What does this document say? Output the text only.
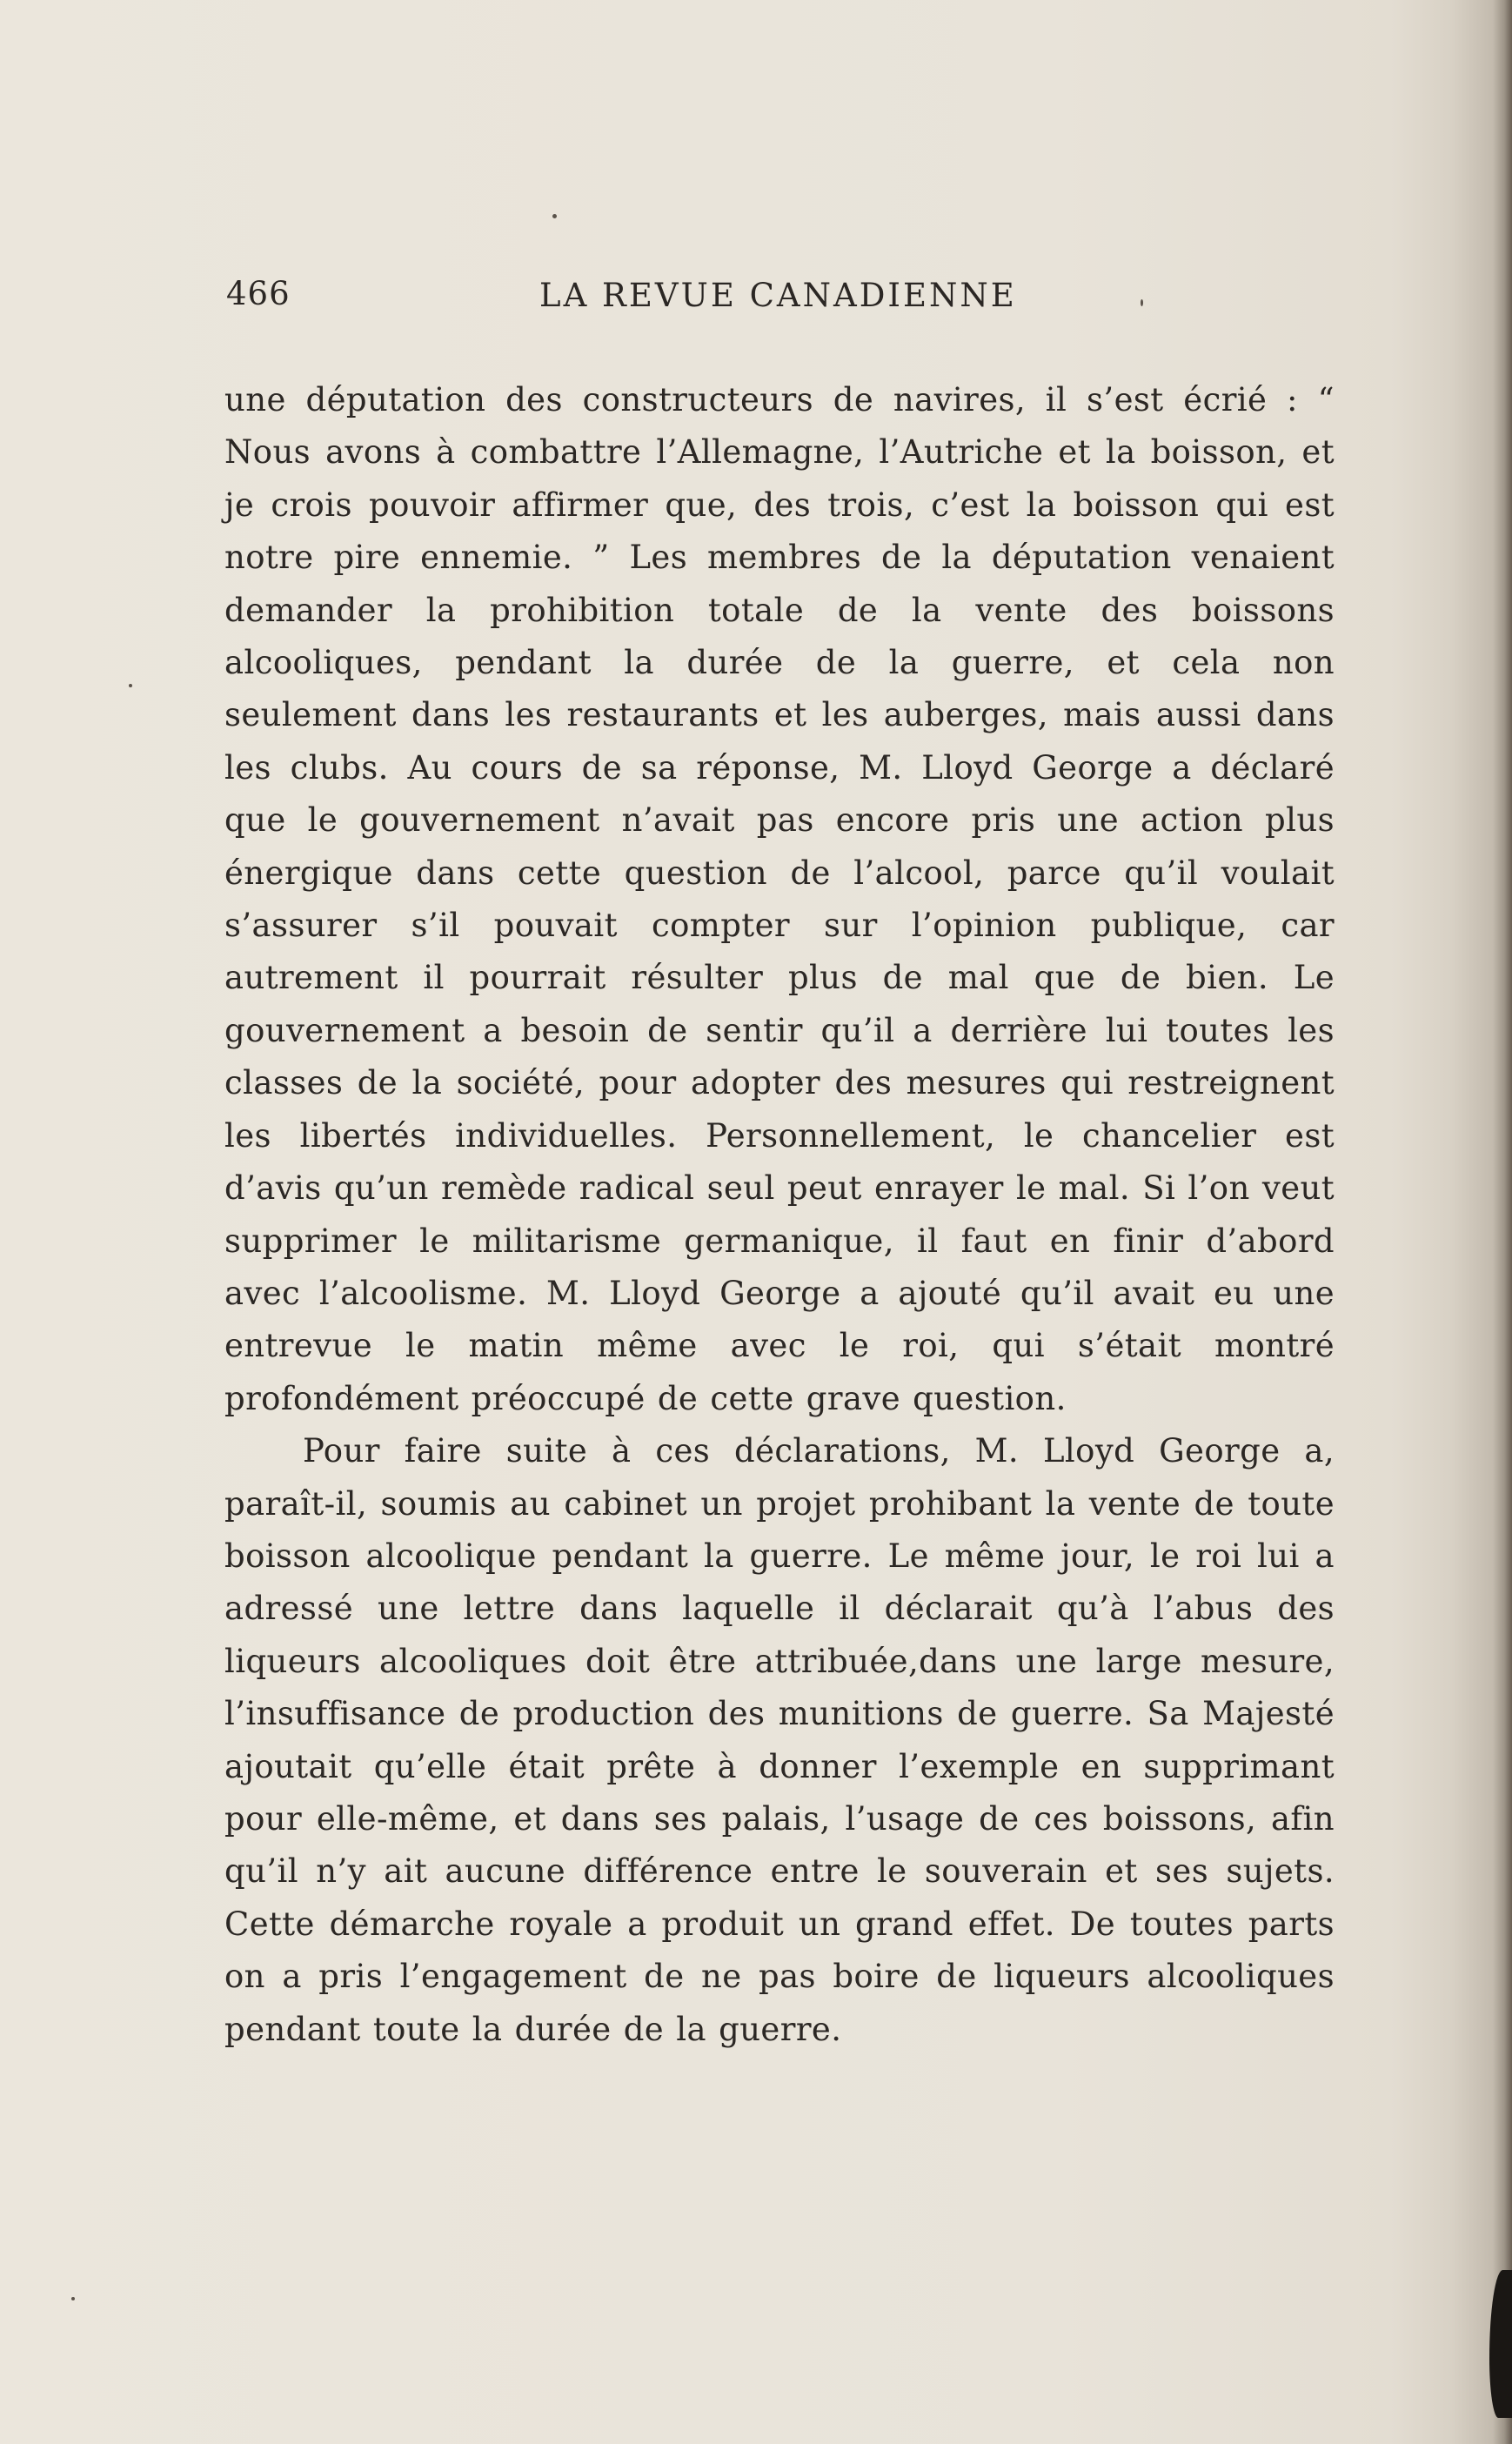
466	LA REVUE CANADIENNE

une députation des constructeurs de navires, il s’est écrié : “ Nous avons à combattre l’Allemagne, l’Autriche et la boisson, et je crois pouvoir affirmer que, des trois, c’est la boisson qui est notre pire ennemie. ” Les membres de la députation venaient demander la prohibition totale de la vente des boissons alcooliques, pendant la durée de la guerre, et cela non seulement dans les restaurants et les auberges, mais aussi dans les clubs. Au cours de sa réponse, M. Lloyd George a déclaré que le gouvernement n’avait pas encore pris une action plus énergique dans cette question de l’alcool, parce qu’il voulait s’assurer s’il pouvait compter sur l’opinion publique, car autrement il pourrait résulter plus de mal que de bien. Le gouvernement a besoin de sentir qu’il a derrière lui toutes les classes de la société, pour adopter des mesures qui restreignent les libertés individuelles. Personnellement, le chancelier est d’avis qu’un remède radical seul peut enrayer le mal. Si l’on veut supprimer le militarisme germanique, il faut en finir d’abord avec l’alcoolisme. M. Lloyd George a ajouté qu’il avait eu une entrevue le matin même avec le roi, qui s’était montré profondément préoccupé de cette grave question.

Pour faire suite à ces déclarations, M. Lloyd George a, paraît-il, soumis au cabinet un projet prohibant la vente de toute boisson alcoolique pendant la guerre. Le même jour, le roi lui a adressé une lettre dans laquelle il déclarait qu’à l’abus des liqueurs alcooliques doit être attribuée,dans une large mesure, l’insuffisance de production des munitions de guerre. Sa Majesté ajoutait qu’elle était prête à donner l’exemple en supprimant pour elle-même, et dans ses palais, l’usage de ces boissons, afin qu’il n’y ait aucune différence entre le souverain et ses sujets. Cette démarche royale a produit un grand effet. De toutes parts on a pris l’engagement de ne pas boire de liqueurs alcooliques pendant toute la durée de la guerre.
